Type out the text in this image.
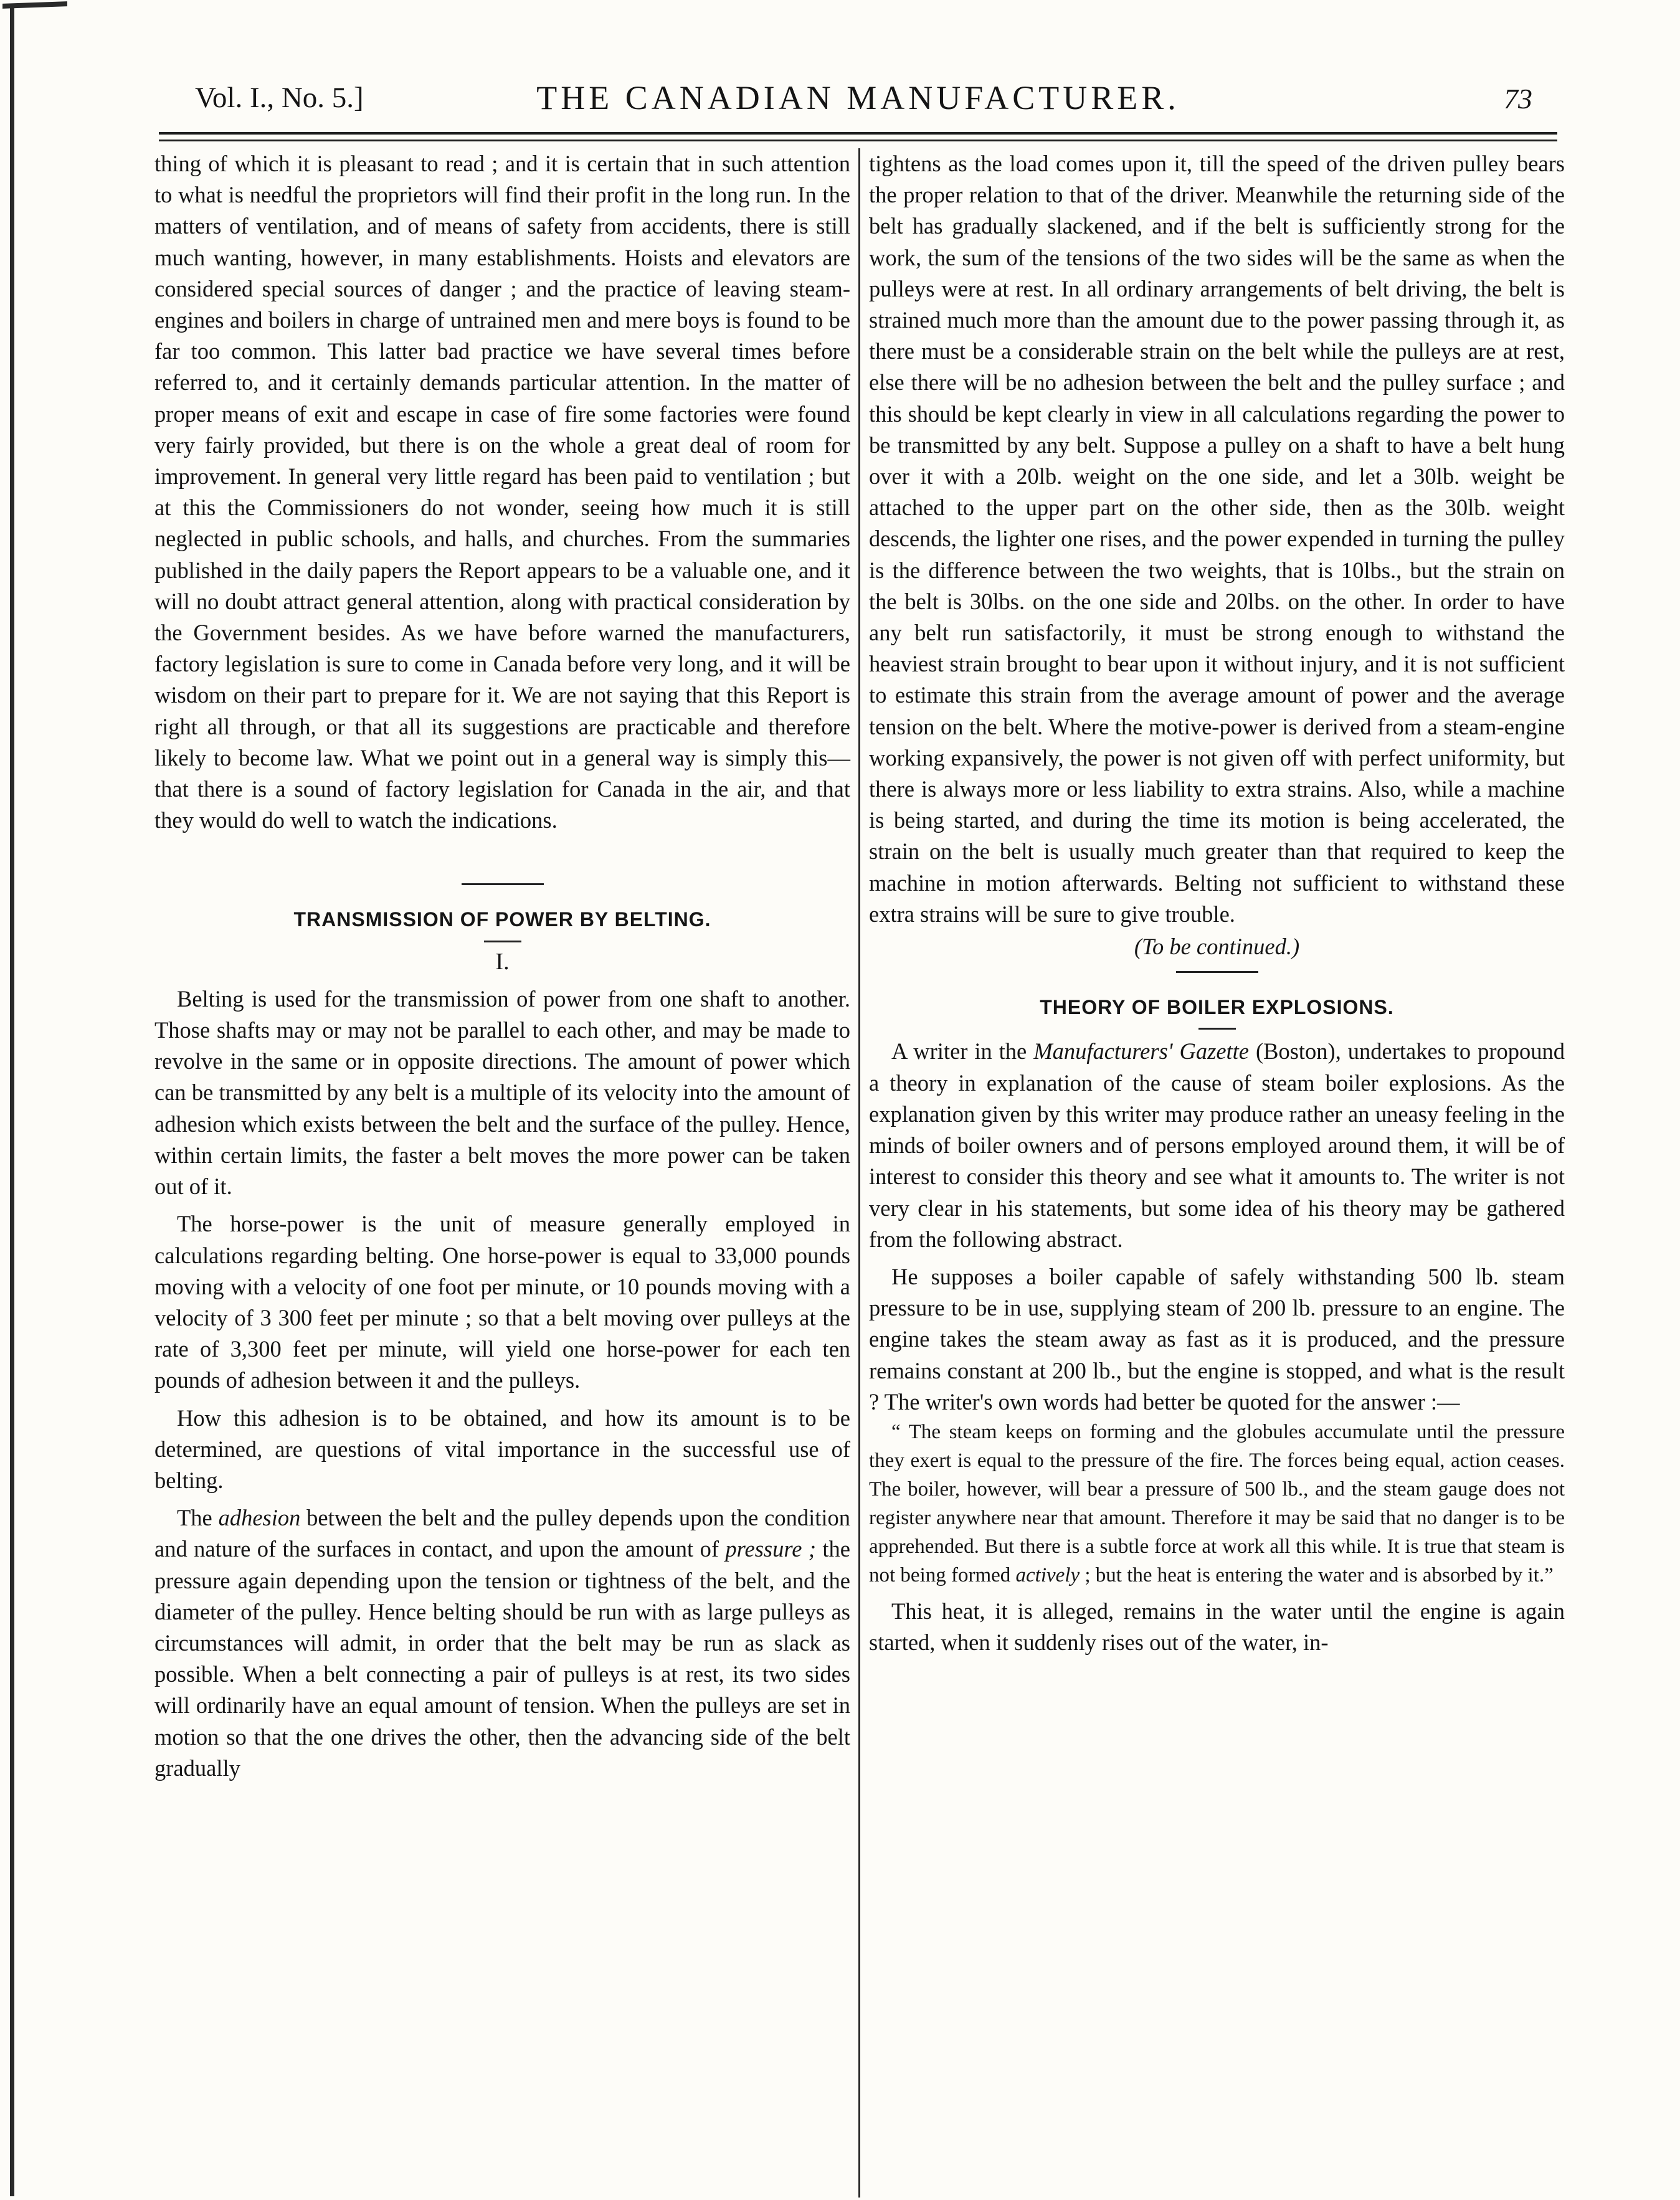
Vol. I., No. 5.]	THE CANADIAN MANUFACTURER.	73

thing of which it is pleasant to read ; and it is certain that in such attention to what is needful the proprietors will find their profit in the long run. In the matters of ventilation, and of means of safety from accidents, there is still much wanting, however, in many establishments. Hoists and elevators are considered special sources of danger ; and the practice of leaving steam-engines and boilers in charge of untrained men and mere boys is found to be far too common. This latter bad practice we have several times before referred to, and it certainly demands particular attention. In the matter of proper means of exit and escape in case of fire some factories were found very fairly provided, but there is on the whole a great deal of room for improvement. In general very little regard has been paid to ventilation ; but at this the Commissioners do not wonder, seeing how much it is still neglected in public schools, and halls, and churches. From the summaries published in the daily papers the Report appears to be a valuable one, and it will no doubt attract general attention, along with practical consideration by the Government besides. As we have before warned the manufacturers, factory legislation is sure to come in Canada before very long, and it will be wisdom on their part to prepare for it. We are not saying that this Report is right all through, or that all its suggestions are practicable and therefore likely to become law. What we point out in a general way is simply this—that there is a sound of factory legislation for Canada in the air, and that they would do well to watch the indications.

TRANSMISSION OF POWER BY BELTING.
I.

Belting is used for the transmission of power from one shaft to another. Those shafts may or may not be parallel to each other, and may be made to revolve in the same or in opposite directions. The amount of power which can be transmitted by any belt is a multiple of its velocity into the amount of adhesion which exists between the belt and the surface of the pulley. Hence, within certain limits, the faster a belt moves the more power can be taken out of it.

The horse-power is the unit of measure generally employed in calculations regarding belting. One horse-power is equal to 33,000 pounds moving with a velocity of one foot per minute, or 10 pounds moving with a velocity of 3 300 feet per minute ; so that a belt moving over pulleys at the rate of 3,300 feet per minute, will yield one horse-power for each ten pounds of adhesion between it and the pulleys.

How this adhesion is to be obtained, and how its amount is to be determined, are questions of vital importance in the successful use of belting.

The adhesion between the belt and the pulley depends upon the condition and nature of the surfaces in contact, and upon the amount of pressure ; the pressure again depending upon the tension or tightness of the belt, and the diameter of the pulley. Hence belting should be run with as large pulleys as circumstances will admit, in order that the belt may be run as slack as possible. When a belt connecting a pair of pulleys is at rest, its two sides will ordinarily have an equal amount of tension. When the pulleys are set in motion so that the one drives the other, then the advancing side of the belt gradually

tightens as the load comes upon it, till the speed of the driven pulley bears the proper relation to that of the driver. Meanwhile the returning side of the belt has gradually slackened, and if the belt is sufficiently strong for the work, the sum of the tensions of the two sides will be the same as when the pulleys were at rest. In all ordinary arrangements of belt driving, the belt is strained much more than the amount due to the power passing through it, as there must be a considerable strain on the belt while the pulleys are at rest, else there will be no adhesion between the belt and the pulley surface ; and this should be kept clearly in view in all calculations regarding the power to be transmitted by any belt. Suppose a pulley on a shaft to have a belt hung over it with a 20lb. weight on the one side, and let a 30lb. weight be attached to the upper part on the other side, then as the 30lb. weight descends, the lighter one rises, and the power expended in turning the pulley is the difference between the two weights, that is 10lbs., but the strain on the belt is 30lbs. on the one side and 20lbs. on the other. In order to have any belt run satisfactorily, it must be strong enough to withstand the heaviest strain brought to bear upon it without injury, and it is not sufficient to estimate this strain from the average amount of power and the average tension on the belt. Where the motive-power is derived from a steam-engine working expansively, the power is not given off with perfect uniformity, but there is always more or less liability to extra strains. Also, while a machine is being started, and during the time its motion is being accelerated, the strain on the belt is usually much greater than that required to keep the machine in motion afterwards. Belting not sufficient to withstand these extra strains will be sure to give trouble.

(To be continued.)
THEORY OF BOILER EXPLOSIONS.

A writer in the Manufacturers' Gazette (Boston), undertakes to propound a theory in explanation of the cause of steam boiler explosions. As the explanation given by this writer may produce rather an uneasy feeling in the minds of boiler owners and of persons employed around them, it will be of interest to consider this theory and see what it amounts to. The writer is not very clear in his statements, but some idea of his theory may be gathered from the following abstract.

He supposes a boiler capable of safely withstanding 500 lb. steam pressure to be in use, supplying steam of 200 lb. pressure to an engine. The engine takes the steam away as fast as it is produced, and the pressure remains constant at 200 lb., but the engine is stopped, and what is the result ? The writer's own words had better be quoted for the answer :—

“ The steam keeps on forming and the globules accumulate until the pressure they exert is equal to the pressure of the fire. The forces being equal, action ceases. The boiler, however, will bear a pressure of 500 lb., and the steam gauge does not register anywhere near that amount. Therefore it may be said that no danger is to be apprehended. But there is a subtle force at work all this while. It is true that steam is not being formed actively ; but the heat is entering the water and is absorbed by it.”

This heat, it is alleged, remains in the water until the engine is again started, when it suddenly rises out of the water, in-
